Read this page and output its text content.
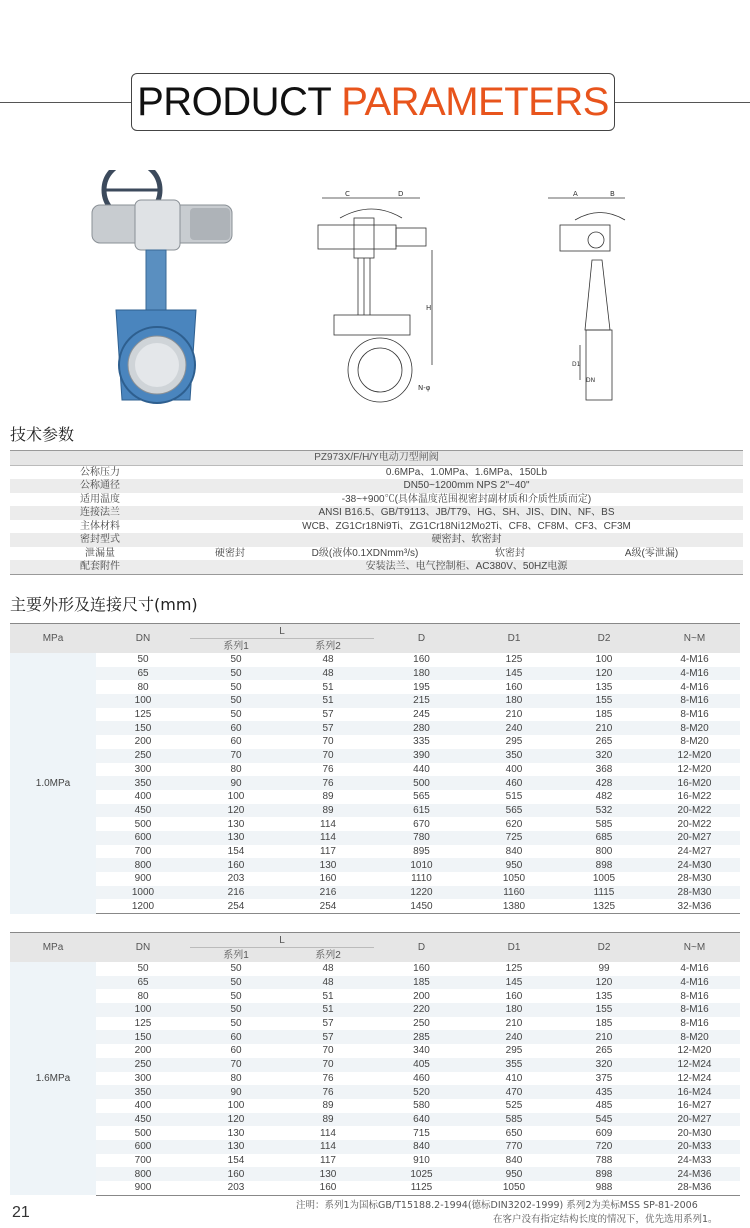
PRODUCT PARAMETERS
C	D
H
N-φ
A	B
D1
DN
技术参数
PZ973X/F/H/Y电动刀型闸阀				
公称压力	0.6MPa、1.0MPa、1.6MPa、150Lb			
公称通径	DN50~1200mm NPS 2"~40"			
适用温度	-38~+900℃(具体温度范围视密封副材质和介质性质而定)			
连接法兰	ANSI B16.5、GB/T9113、JB/T79、HG、SH、JIS、DIN、NF、BS			
主体材料	WCB、ZG1Cr18Ni9Ti、ZG1Cr18Ni12Mo2Ti、CF8、CF8M、CF3、CF3M			
密封型式	硬密封、软密封			
泄漏量	硬密封	D级(液体0.1XDNmm³/s)	软密封	A级(零泄漏)
配套附件	安装法兰、电气控制柜、AC380V、50HZ电源			
主要外形及连接尺寸(mm)
MPa	DN	L		D	D1	D2	N~M
		系列1	系列2				
1.0MPa	50	50	48	160	125	100	4-M16
	65	50	48	180	145	120	4-M16
	80	50	51	195	160	135	4-M16
	100	50	51	215	180	155	8-M16
	125	50	57	245	210	185	8-M16
	150	60	57	280	240	210	8-M20
	200	60	70	335	295	265	8-M20
	250	70	70	390	350	320	12-M20
	300	80	76	440	400	368	12-M20
	350	90	76	500	460	428	16-M20
	400	100	89	565	515	482	16-M22
	450	120	89	615	565	532	20-M22
	500	130	114	670	620	585	20-M22
	600	130	114	780	725	685	20-M27
	700	154	117	895	840	800	24-M27
	800	160	130	1010	950	898	24-M30
	900	203	160	1110	1050	1005	28-M30
	1000	216	216	1220	1160	1115	28-M30
	1200	254	254	1450	1380	1325	32-M36
MPa	DN	L		D	D1	D2	N~M
		系列1	系列2				
1.6MPa	50	50	48	160	125	99	4-M16
	65	50	48	185	145	120	4-M16
	80	50	51	200	160	135	8-M16
	100	50	51	220	180	155	8-M16
	125	50	57	250	210	185	8-M16
	150	60	57	285	240	210	8-M20
	200	60	70	340	295	265	12-M20
	250	70	70	405	355	320	12-M24
	300	80	76	460	410	375	12-M24
	350	90	76	520	470	435	16-M24
	400	100	89	580	525	485	16-M27
	450	120	89	640	585	545	20-M27
	500	130	114	715	650	609	20-M30
	600	130	114	840	770	720	20-M33
	700	154	117	910	840	788	24-M33
	800	160	130	1025	950	898	24-M36
	900	203	160	1125	1050	988	28-M36
注明：系列1为国标GB/T15188.2-1994(德标DIN3202-1999) 系列2为美标MSS SP-81-2006
在客户没有指定结构长度的情况下，优先选用系列1。
21
